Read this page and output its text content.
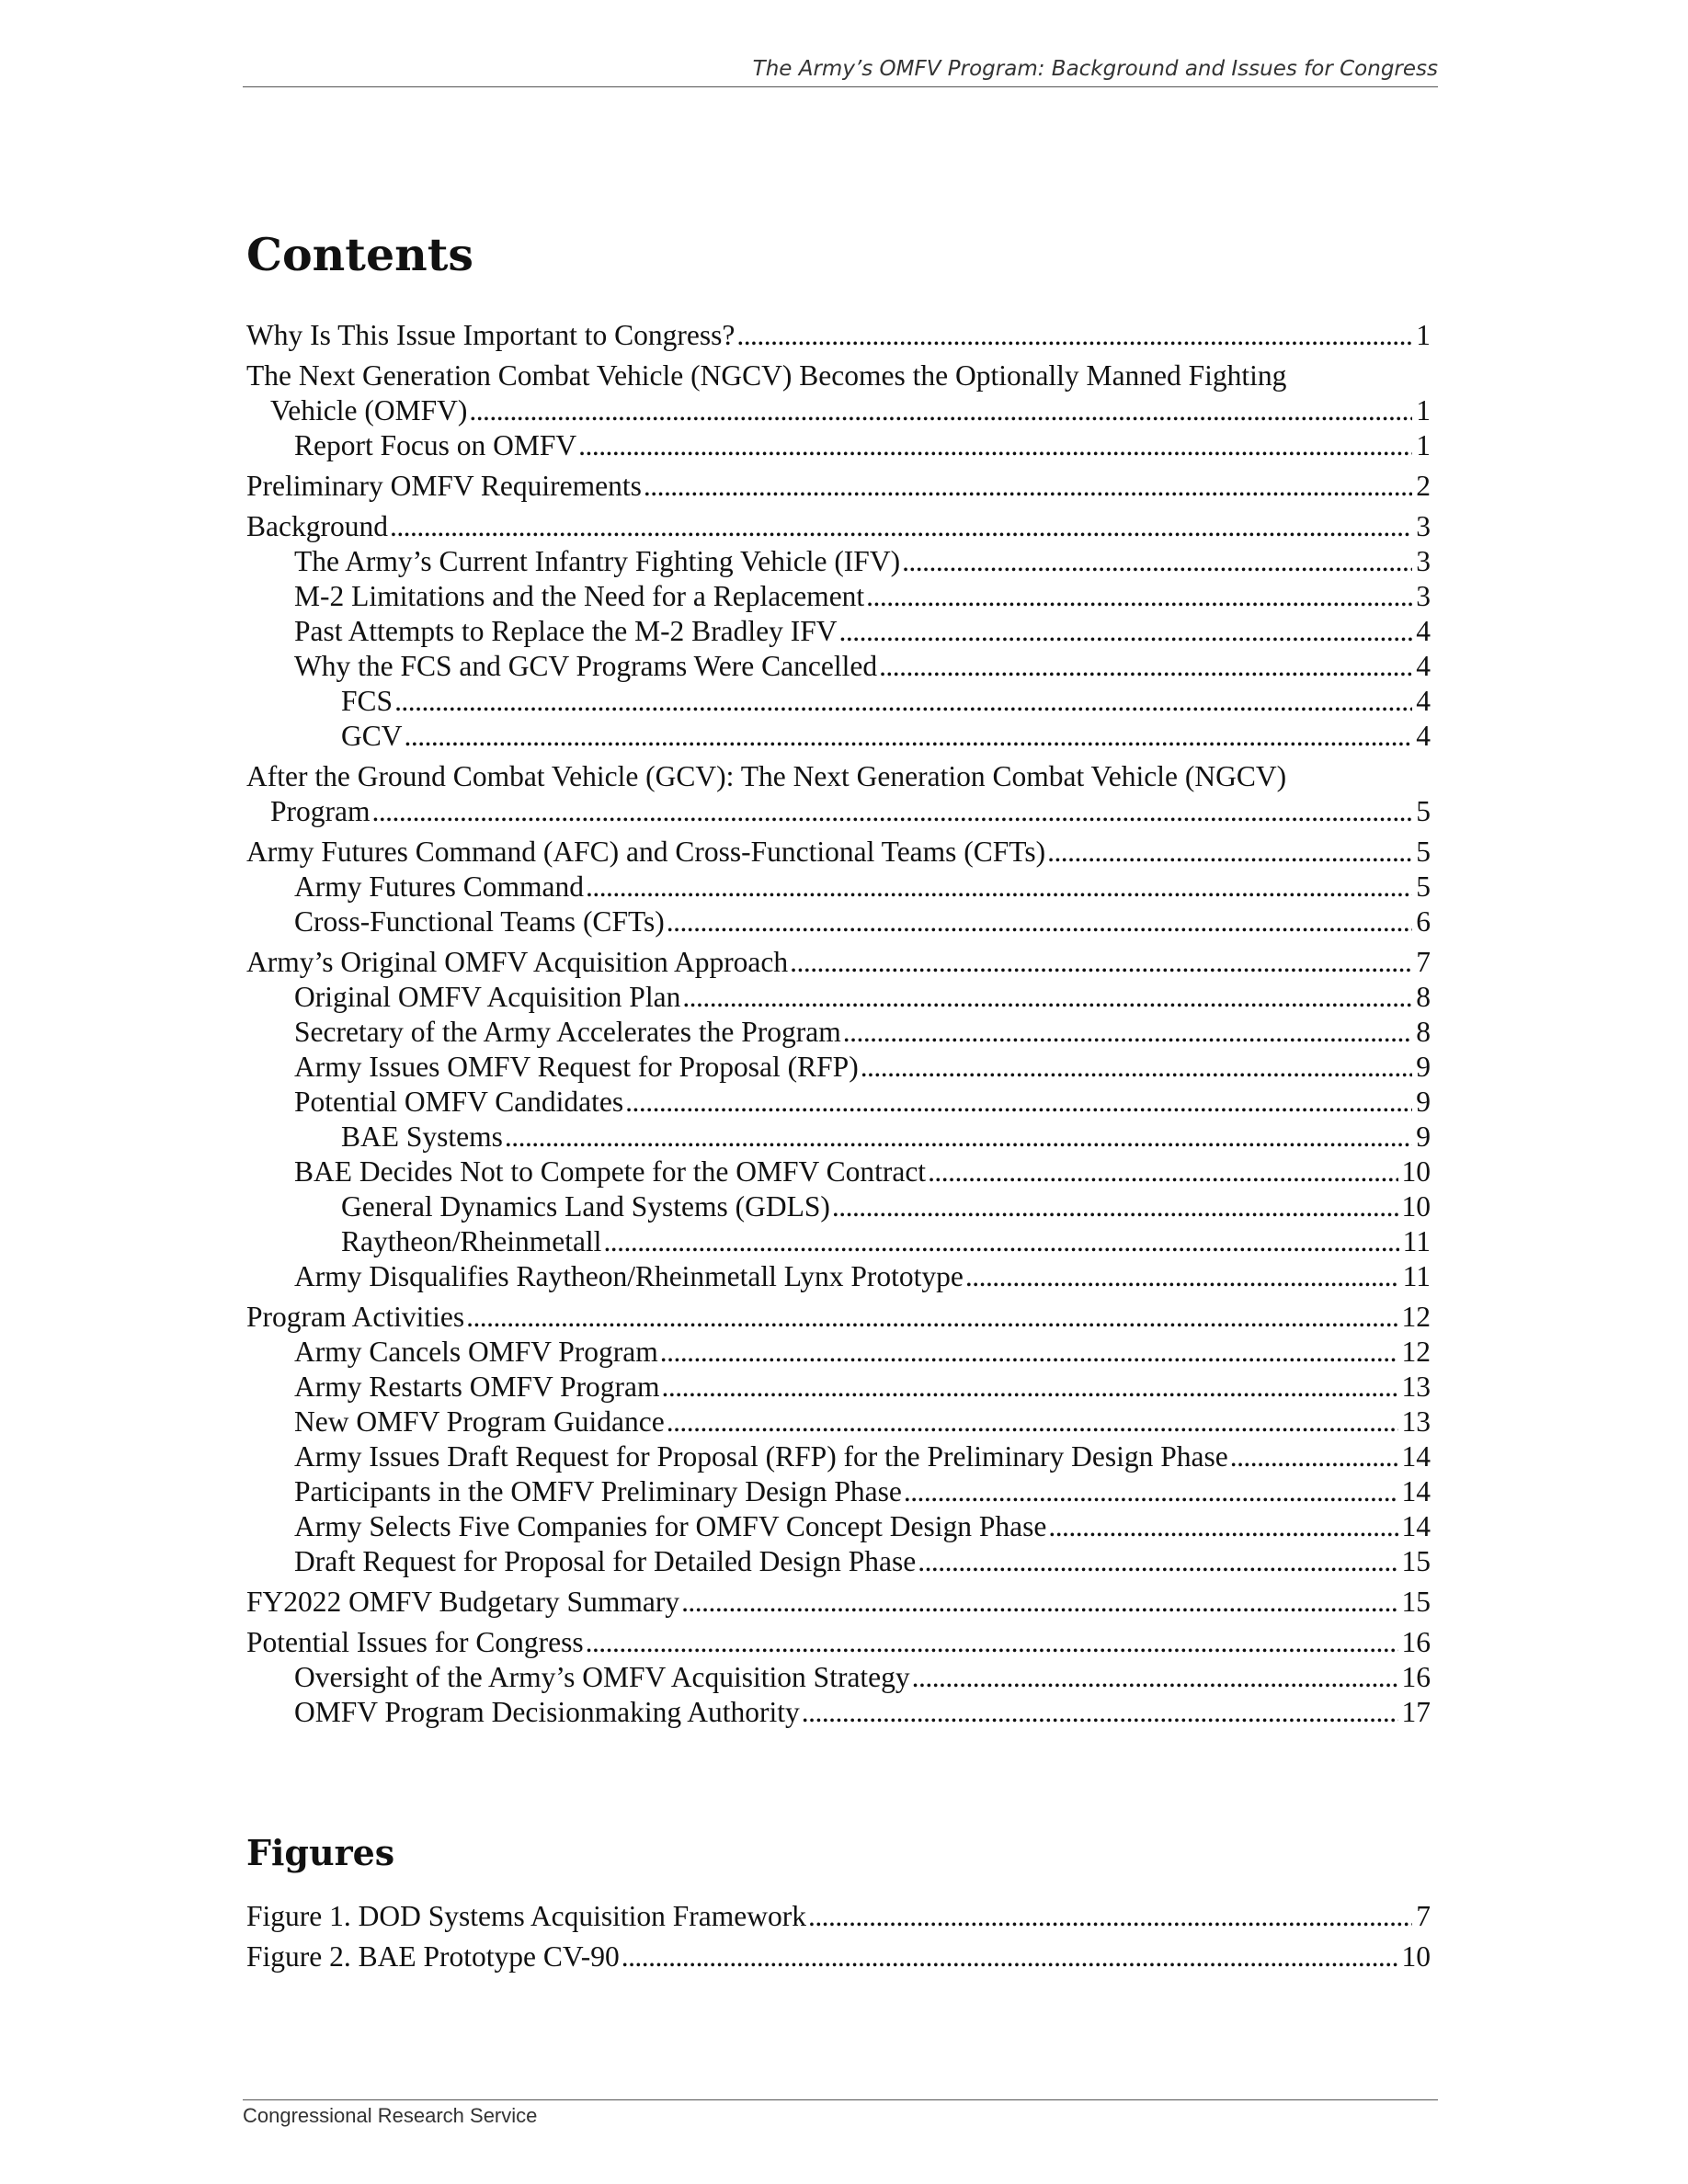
The Army’s OMFV Program: Background and Issues for Congress
Contents
Why Is This Issue Important to Congress? . . .	1
The Next Generation Combat Vehicle (NGCV) Becomes the Optionally Manned Fighting
Vehicle (OMFV) . . .	1
Report Focus on OMFV . . .	1
Preliminary OMFV Requirements . . .	2
Background . . .	3
The Army’s Current Infantry Fighting Vehicle (IFV) . . .	3
M-2 Limitations and the Need for a Replacement . . .	3
Past Attempts to Replace the M-2 Bradley IFV . . .	4
Why the FCS and GCV Programs Were Cancelled . . .	4
FCS . . .	4
GCV . . .	4
After the Ground Combat Vehicle (GCV): The Next Generation Combat Vehicle (NGCV)
Program . . .	5
Army Futures Command (AFC) and Cross-Functional Teams (CFTs) . . .	5
Army Futures Command . . .	5
Cross-Functional Teams (CFTs) . . .	6
Army’s Original OMFV Acquisition Approach . . .	7
Original OMFV Acquisition Plan . . .	8
Secretary of the Army Accelerates the Program . . .	8
Army Issues OMFV Request for Proposal (RFP) . . .	9
Potential OMFV Candidates . . .	9
BAE Systems . . .	9
BAE Decides Not to Compete for the OMFV Contract . . .	10
General Dynamics Land Systems (GDLS) . . .	10
Raytheon/Rheinmetall . . .	11
Army Disqualifies Raytheon/Rheinmetall Lynx Prototype . . .	11
Program Activities . . .	12
Army Cancels OMFV Program . . .	12
Army Restarts OMFV Program . . .	13
New OMFV Program Guidance . . .	13
Army Issues Draft Request for Proposal (RFP) for the Preliminary Design Phase . . .	14
Participants in the OMFV Preliminary Design Phase . . .	14
Army Selects Five Companies for OMFV Concept Design Phase . . .	14
Draft Request for Proposal for Detailed Design Phase . . .	15
FY2022 OMFV Budgetary Summary . . .	15
Potential Issues for Congress . . .	16
Oversight of the Army’s OMFV Acquisition Strategy . . .	16
OMFV Program Decisionmaking Authority . . .	17
Figures
Figure 1. DOD Systems Acquisition Framework . . .	7
Figure 2. BAE Prototype CV-90 . . .	10
Congressional Research Service
